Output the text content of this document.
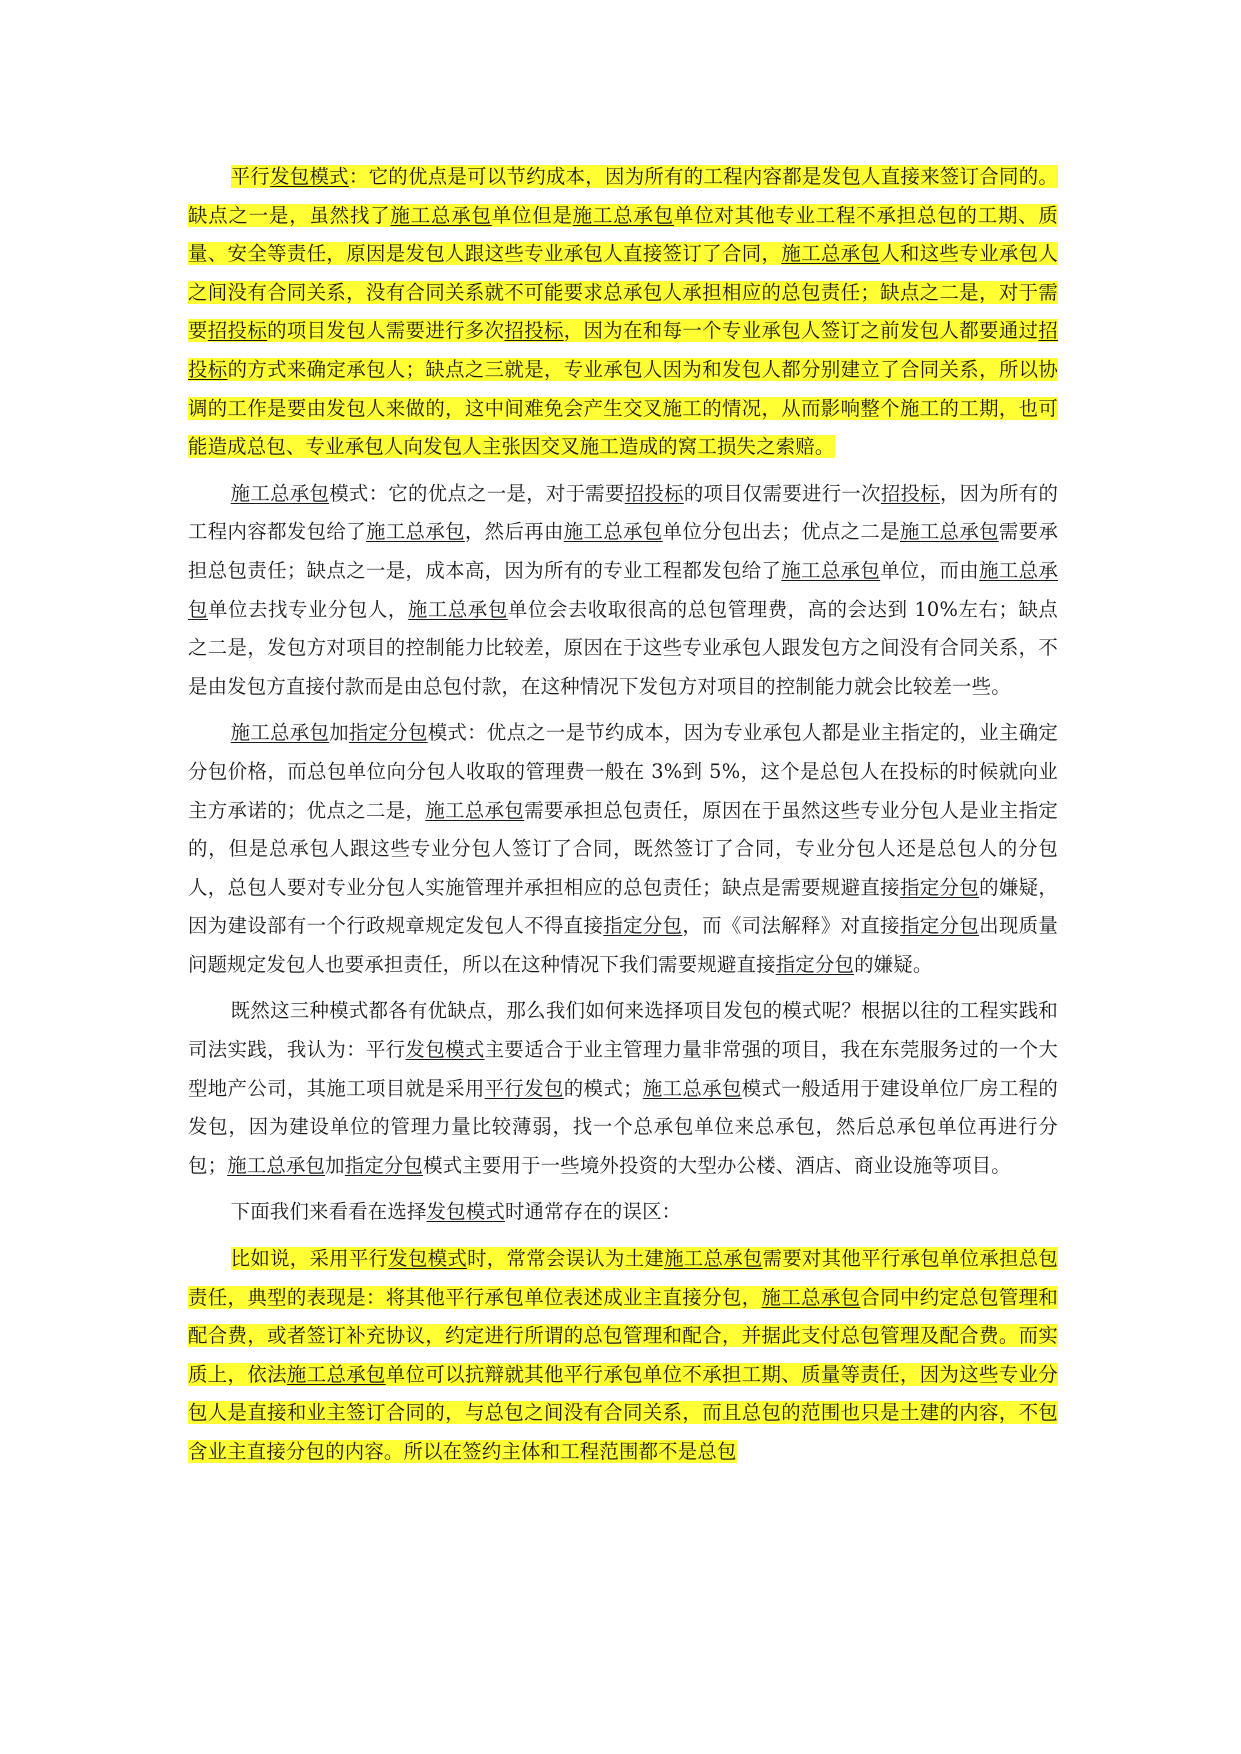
平行发包模式：它的优点是可以节约成本，因为所有的工程内容都是发包人直接来签订合同的。缺点之一是，虽然找了施工总承包单位但是施工总承包单位对其他专业工程不承担总包的工期、质量、安全等责任，原因是发包人跟这些专业承包人直接签订了合同，施工总承包人和这些专业承包人之间没有合同关系，没有合同关系就不可能要求总承包人承担相应的总包责任；缺点之二是，对于需要招投标的项目发包人需要进行多次招投标，因为在和每一个专业承包人签订之前发包人都要通过招投标的方式来确定承包人；缺点之三就是，专业承包人因为和发包人都分别建立了合同关系，所以协调的工作是要由发包人来做的，这中间难免会产生交叉施工的情况，从而影响整个施工的工期，也可能造成总包、专业承包人向发包人主张因交叉施工造成的窝工损失之索赔。

施工总承包模式：它的优点之一是，对于需要招投标的项目仅需要进行一次招投标，因为所有的工程内容都发包给了施工总承包，然后再由施工总承包单位分包出去；优点之二是施工总承包需要承担总包责任；缺点之一是，成本高，因为所有的专业工程都发包给了施工总承包单位，而由施工总承包单位去找专业分包人，施工总承包单位会去收取很高的总包管理费，高的会达到 10%左右；缺点之二是，发包方对项目的控制能力比较差，原因在于这些专业承包人跟发包方之间没有合同关系，不是由发包方直接付款而是由总包付款，在这种情况下发包方对项目的控制能力就会比较差一些。

施工总承包加指定分包模式：优点之一是节约成本，因为专业承包人都是业主指定的，业主确定分包价格，而总包单位向分包人收取的管理费一般在 3%到 5%，这个是总包人在投标的时候就向业主方承诺的；优点之二是，施工总承包需要承担总包责任，原因在于虽然这些专业分包人是业主指定的，但是总承包人跟这些专业分包人签订了合同，既然签订了合同，专业分包人还是总包人的分包人，总包人要对专业分包人实施管理并承担相应的总包责任；缺点是需要规避直接指定分包的嫌疑，因为建设部有一个行政规章规定发包人不得直接指定分包，而《司法解释》对直接指定分包出现质量问题规定发包人也要承担责任，所以在这种情况下我们需要规避直接指定分包的嫌疑。

既然这三种模式都各有优缺点，那么我们如何来选择项目发包的模式呢？根据以往的工程实践和司法实践，我认为：平行发包模式主要适合于业主管理力量非常强的项目，我在东莞服务过的一个大型地产公司，其施工项目就是采用平行发包的模式；施工总承包模式一般适用于建设单位厂房工程的发包，因为建设单位的管理力量比较薄弱，找一个总承包单位来总承包，然后总承包单位再进行分包；施工总承包加指定分包模式主要用于一些境外投资的大型办公楼、酒店、商业设施等项目。

下面我们来看看在选择发包模式时通常存在的误区：

比如说，采用平行发包模式时，常常会误认为土建施工总承包需要对其他平行承包单位承担总包责任，典型的表现是：将其他平行承包单位表述成业主直接分包，施工总承包合同中约定总包管理和配合费，或者签订补充协议，约定进行所谓的总包管理和配合，并据此支付总包管理及配合费。而实质上，依法施工总承包单位可以抗辩就其他平行承包单位不承担工期、质量等责任，因为这些专业分包人是直接和业主签订合同的，与总包之间没有合同关系，而且总包的范围也只是土建的内容，不包含业主直接分包的内容。所以在签约主体和工程范围都不是总包
